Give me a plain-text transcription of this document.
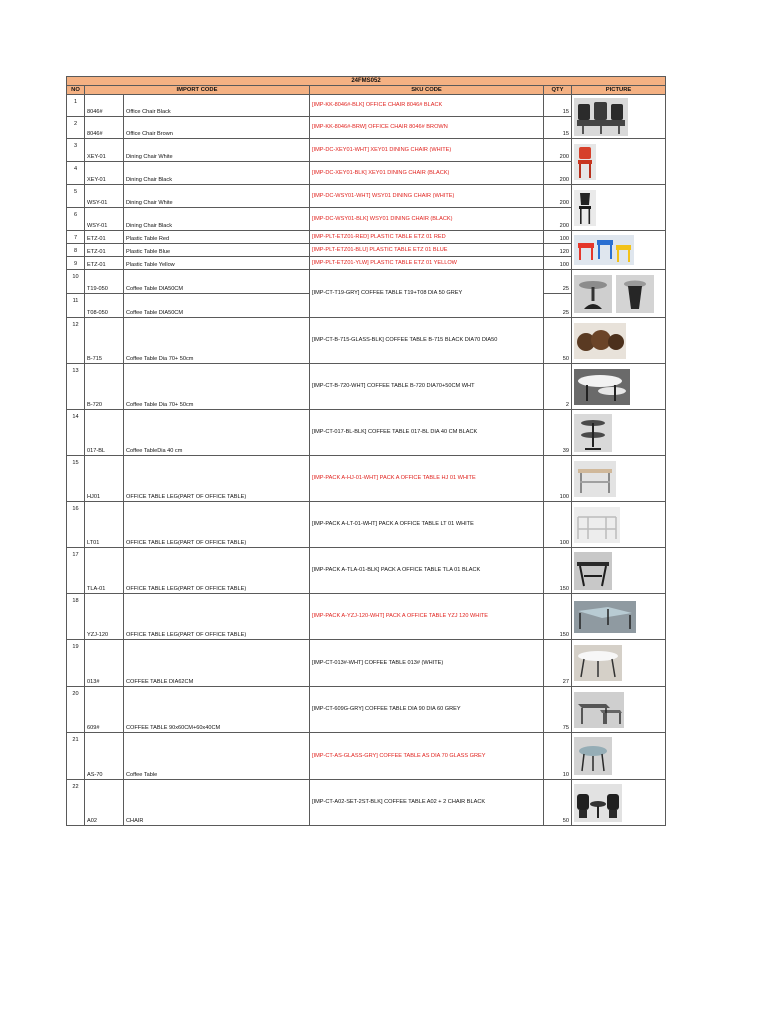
24FMS052					
NO	IMPORT CODE		SKU CODE	QTY	PICTURE
1	8046#	Office Chair Black	[IMP-KK-8046#-BLK] OFFICE CHAIR 8046# BLACK	15	

2	8046#	Office Chair Brown	[IMP-KK-8046#-BRW] OFFICE CHAIR 8046# BROWN	15	
3	XEY-01	Dining Chair White	[IMP-DC-XEY01-WHT] XEY01 DINING CHAIR (WHITE)	200	

4	XEY-01	Dining Chair Black	[IMP-DC-XEY01-BLK] XEY01 DINING CHAIR (BLACK)	200	
5	WSY-01	Dining Chair White	[IMP-DC-WSY01-WHT] WSY01 DINING CHAIR (WHITE)	200	

6	WSY-01	Dining Chair Black	[IMP-DC-WSY01-BLK] WSY01 DINING CHAIR (BLACK)	200	
7	ETZ-01	Plastic Table Red	[IMP-PLT-ETZ01-RED] PLASTIC TABLE ETZ 01 RED	100	

8	ETZ-01	Plastic Table Blue	[IMP-PLT-ETZ01-BLU] PLASTIC TABLE ETZ 01 BLUE	120	
9	ETZ-01	Plastic Table Yellow	[IMP-PLT-ETZ01-YLW] PLASTIC TABLE ETZ 01 YELLOW	100	
10	T19-050	Coffee Table DIA50CM	[IMP-CT-T19-GRY] COFFEE TABLE T19+T08 DIA 50 GREY	25	

11	T08-050	Coffee Table DIA50CM		25	
12	B-715	Coffee Table Dia 70+ 50cm	[IMP-CT-B-715-GLASS-BLK] COFFEE TABLE B-715 BLACK DIA70 DIA50	50	

13	B-720	Coffee Table Dia 70+ 50cm	[IMP-CT-B-720-WHT] COFFEE TABLE B-720 DIA70+50CM WHT	2	

14	017-BL	Coffee TableDia 40 cm	[IMP-CT-017-BL-BLK] COFFEE TABLE 017-BL DIA 40 CM BLACK	39	

15	HJ01	OFFICE TABLE LEG(PART OF OFFICE TABLE)	[IMP-PACK A-HJ-01-WHT] PACK A OFFICE TABLE HJ 01 WHITE	100	

16	LT01	OFFICE TABLE LEG(PART OF OFFICE TABLE)	[IMP-PACK A-LT-01-WHT] PACK A OFFICE TABLE LT 01 WHITE	100	

17	TLA-01	OFFICE TABLE LEG(PART OF OFFICE TABLE)	[IMP-PACK A-TLA-01-BLK] PACK A OFFICE TABLE TLA 01 BLACK	150	

18	YZJ-120	OFFICE TABLE LEG(PART OF OFFICE TABLE)	[IMP-PACK A-YZJ-120-WHT] PACK A OFFICE TABLE YZJ 120 WHITE	150	

19	013#	COFFEE TABLE DIA62CM	[IMP-CT-013#-WHT] COFFEE TABLE 013# (WHITE)	27	

20	609#	COFFEE TABLE 90x60CM+60x40CM	[IMP-CT-609G-GRY] COFFEE TABLE DIA 90 DIA 60 GREY	75	

21	AS-70	Coffee Table	[IMP-CT-AS-GLASS-GRY] COFFEE TABLE AS DIA 70 GLASS GREY	10	

22	A02	CHAIR	[IMP-CT-A02-SET-2ST-BLK] COFFEE TABLE A02 + 2 CHAIR BLACK	50	
